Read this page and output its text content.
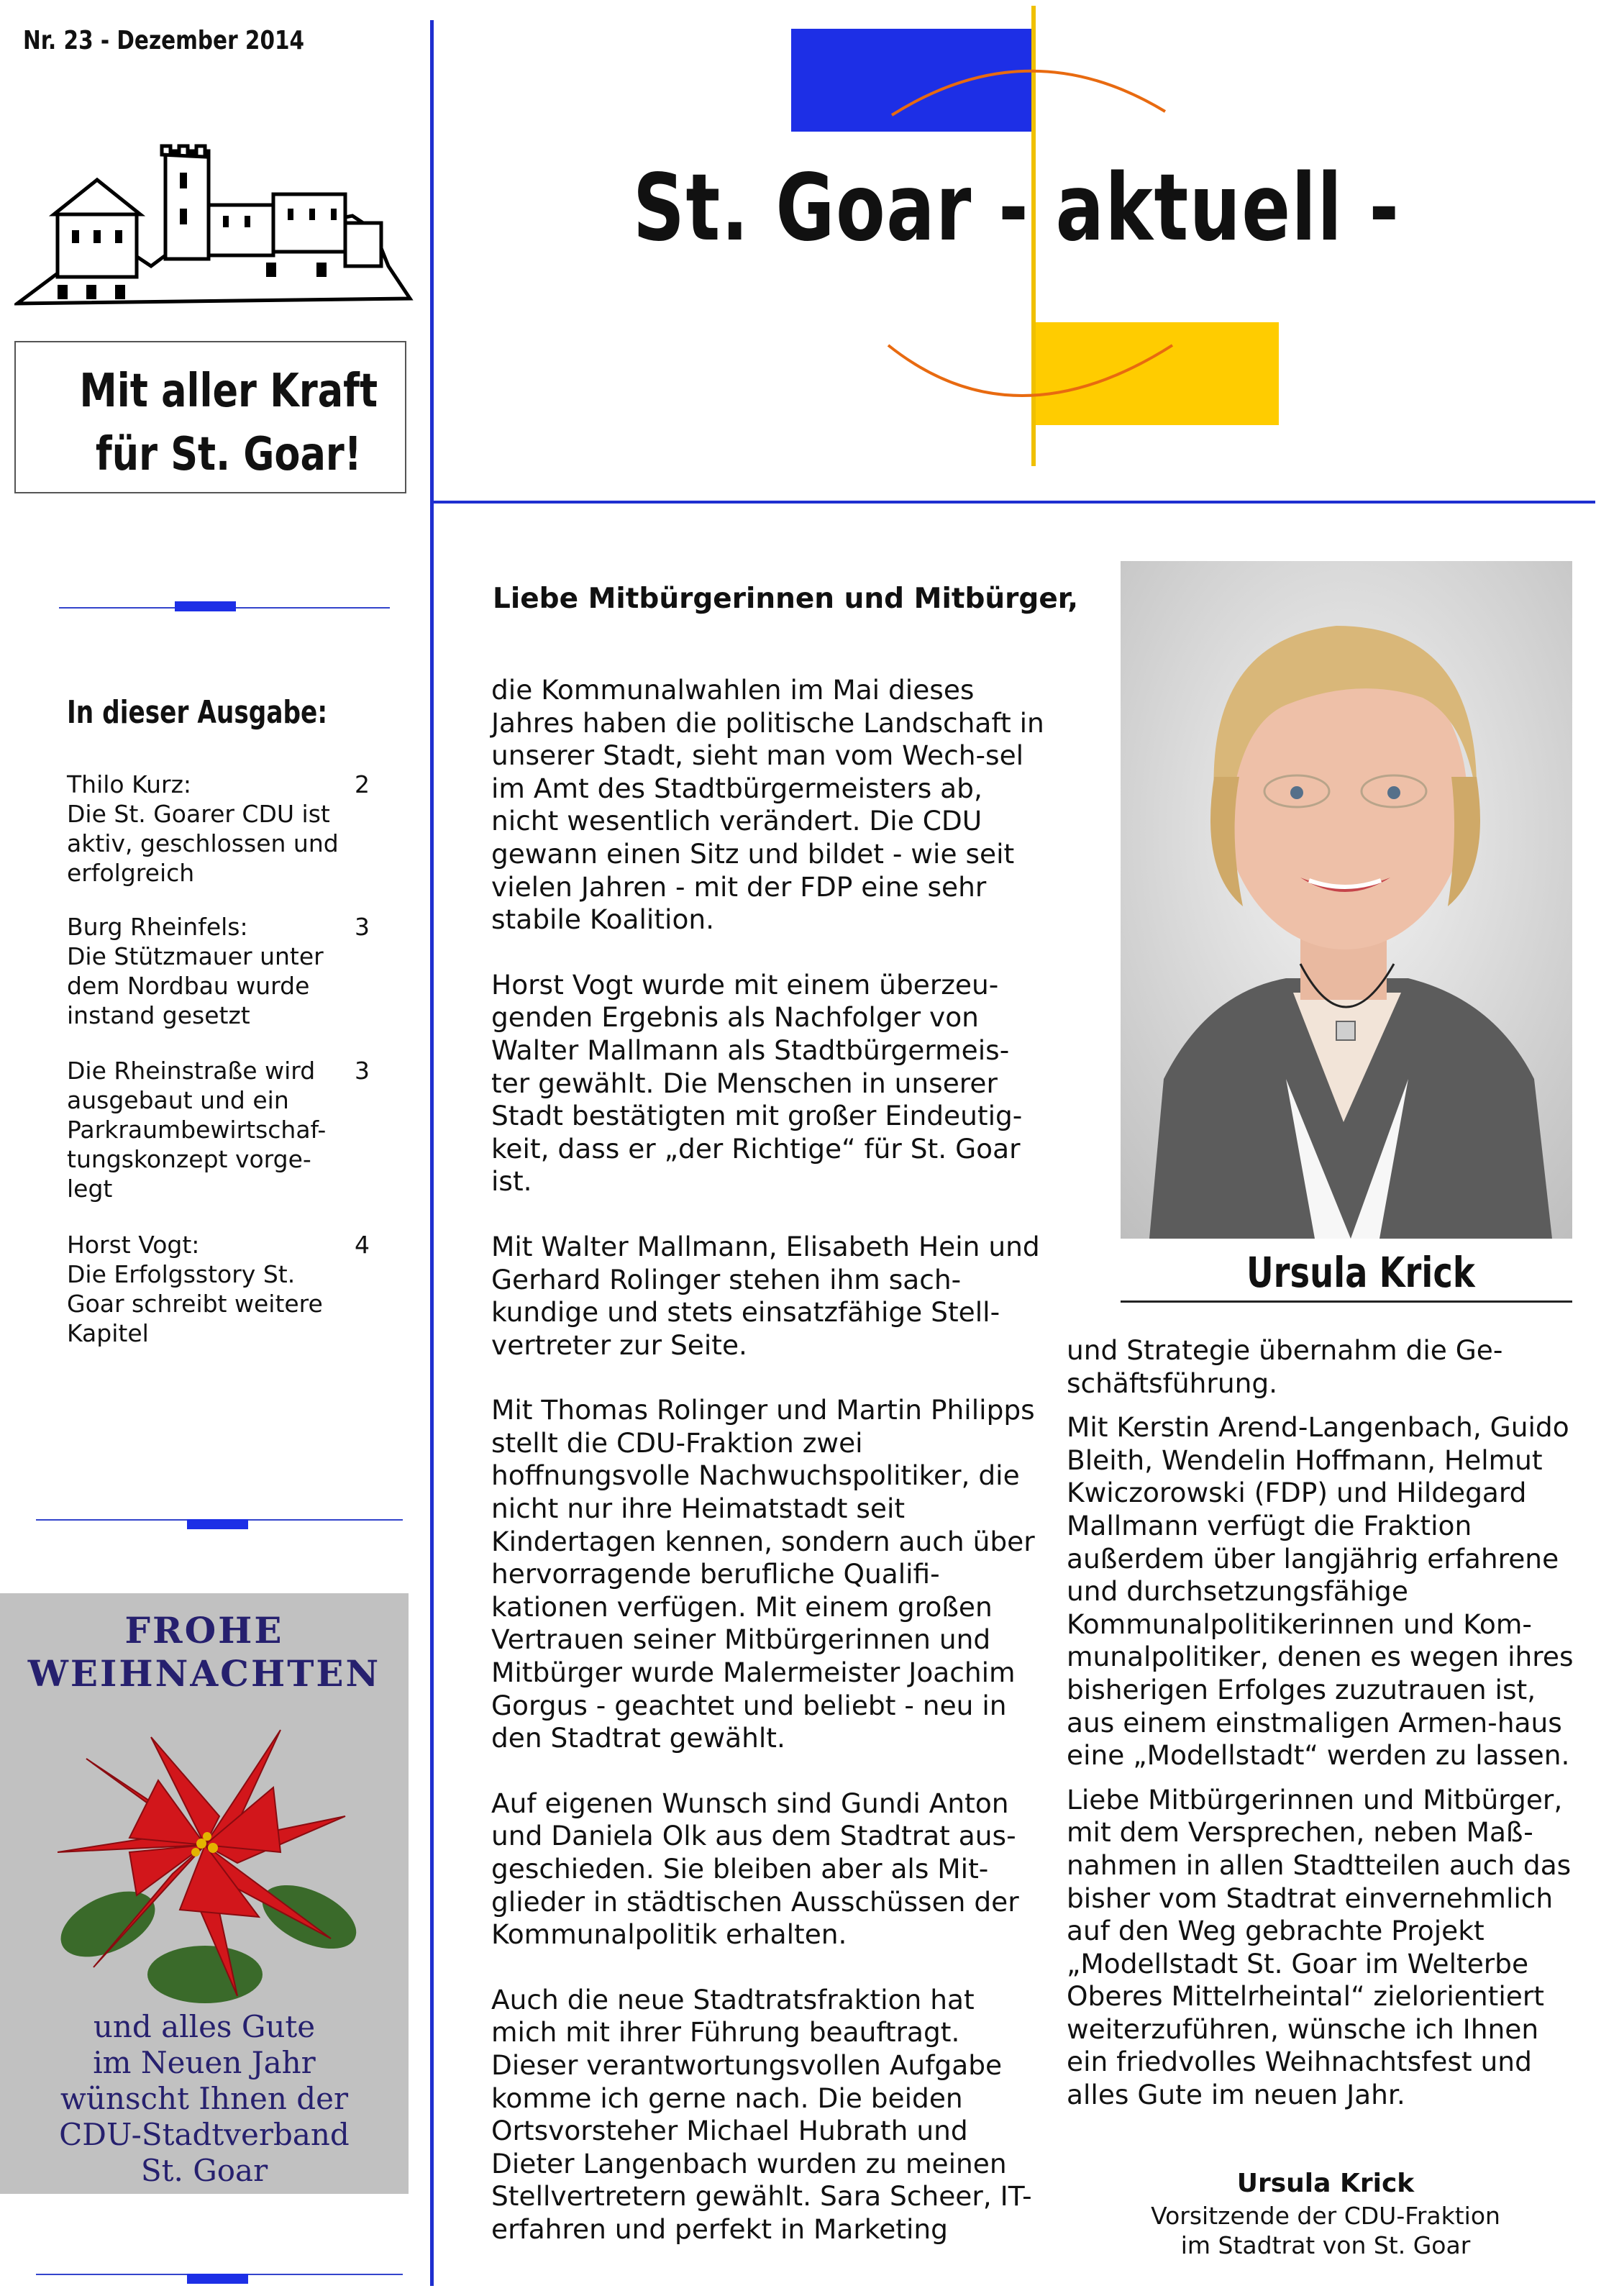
Nr. 23 - Dezember 2014
St. Goar - aktuell -
Mit aller Kraft
für St. Goar!
In dieser Ausgabe:
Thilo Kurz:
Die St. Goarer CDU ist aktiv, geschlossen und erfolgreich
2
Burg Rheinfels:
Die Stützmauer unter dem Nordbau wurde instand gesetzt
3
Die Rheinstraße wird ausgebaut und ein Parkraumbewirtschaf-tungskonzept vorge-legt
3
Horst Vogt:
Die Erfolgsstory St. Goar schreibt weitere Kapitel
4
FROHE
WEIHNACHTEN
und alles Gute
im Neuen Jahr
wünscht Ihnen der
CDU-Stadtverband
St. Goar
Liebe Mitbürgerinnen und Mitbürger,

die Kommunalwahlen im Mai dieses Jahres haben die politische Landschaft in unserer Stadt, sieht man vom Wech-sel im Amt des Stadtbürgermeisters ab, nicht wesentlich verändert. Die CDU gewann einen Sitz und bildet - wie seit vielen Jahren - mit der FDP eine sehr stabile Koalition.

Horst Vogt wurde mit einem überzeu-genden Ergebnis als Nachfolger von Walter Mallmann als Stadtbürgermeis-ter gewählt. Die Menschen in unserer Stadt bestätigten mit großer Eindeutig-keit, dass er „der Richtige“ für St. Goar ist.

Mit Walter Mallmann, Elisabeth Hein und Gerhard Rolinger stehen ihm sach-kundige und stets einsatzfähige Stell-vertreter zur Seite.

Mit Thomas Rolinger und Martin Philipps stellt die CDU-Fraktion zwei hoffnungsvolle Nachwuchspolitiker, die nicht nur ihre Heimatstadt seit Kindertagen kennen, sondern auch über hervorragende berufliche Qualifi-kationen verfügen. Mit einem großen Vertrauen seiner Mitbürgerinnen und Mitbürger wurde Malermeister Joachim Gorgus - geachtet und beliebt - neu in den Stadtrat gewählt.

Auf eigenen Wunsch sind Gundi Anton und Daniela Olk aus dem Stadtrat aus-geschieden. Sie bleiben aber als Mit-glieder in städtischen Ausschüssen der Kommunalpolitik erhalten.

Auch die neue Stadtratsfraktion hat mich mit ihrer Führung beauftragt. Dieser verantwortungsvollen Aufgabe komme ich gerne nach. Die beiden Ortsvorsteher Michael Hubrath und Dieter Langenbach wurden zu meinen Stellvertretern gewählt. Sara Scheer, IT-erfahren und perfekt in Marketing

Ursula Krick

und Strategie übernahm die Ge-schäftsführung.

Mit Kerstin Arend-Langenbach, Guido Bleith, Wendelin Hoffmann, Helmut Kwiczorowski (FDP) und Hildegard Mallmann verfügt die Fraktion außerdem über langjährig erfahrene und durchsetzungsfähige Kommunalpolitikerinnen und Kom-munalpolitiker, denen es wegen ihres bisherigen Erfolges zuzutrauen ist, aus einem einstmaligen Armen-haus eine „Modellstadt“ werden zu lassen.

Liebe Mitbürgerinnen und Mitbürger, mit dem Versprechen, neben Maß-nahmen in allen Stadtteilen auch das bisher vom Stadtrat einvernehmlich auf den Weg gebrachte Projekt „Modellstadt St. Goar im Welterbe Oberes Mittelrheintal“ zielorientiert weiterzuführen, wünsche ich Ihnen ein friedvolles Weihnachtsfest und alles Gute im neuen Jahr.

Ursula Krick
Vorsitzende der CDU-Fraktion
im Stadtrat von St. Goar
